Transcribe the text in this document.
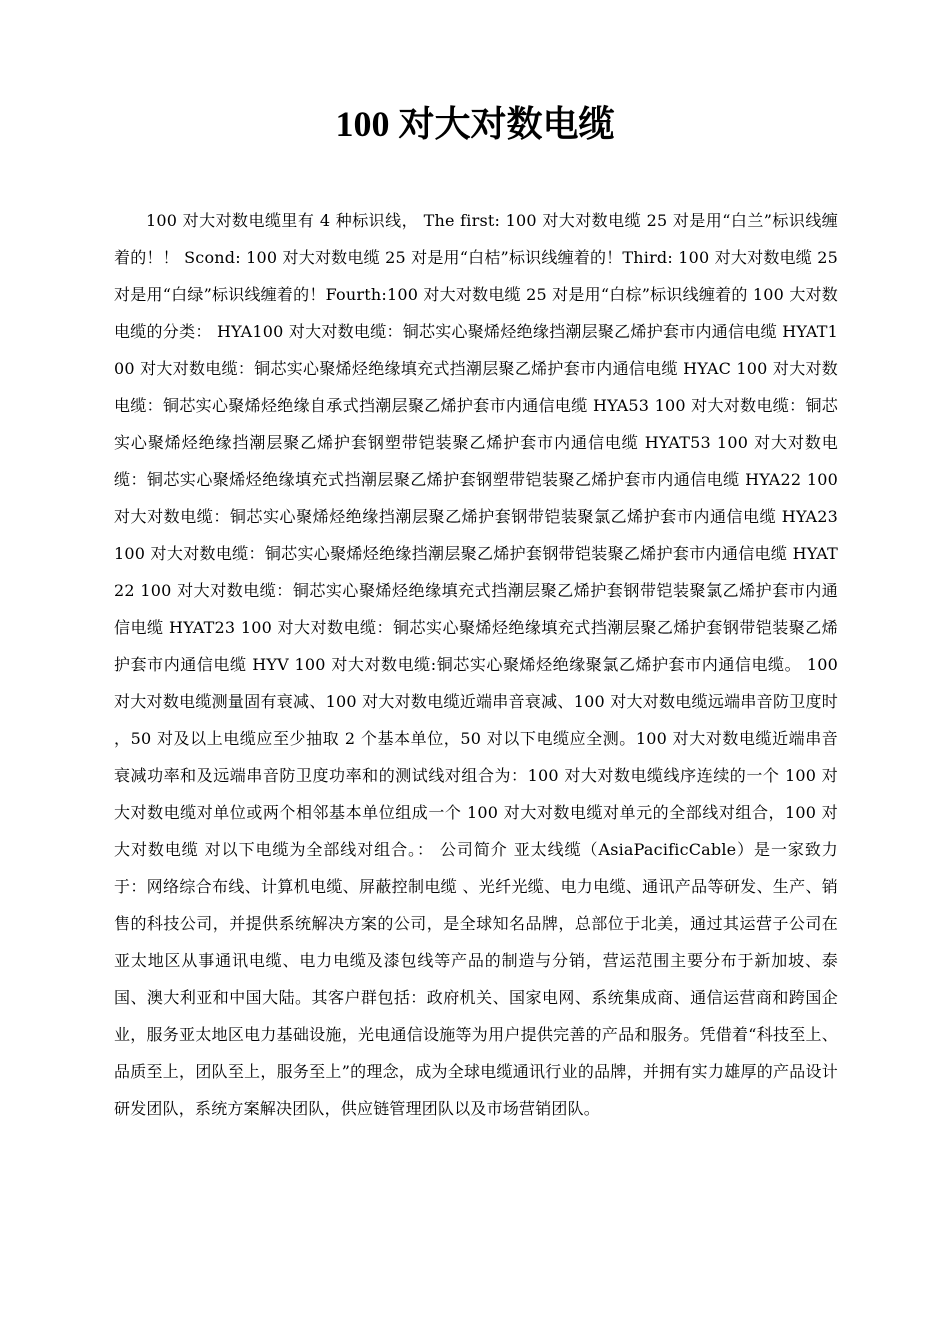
100 对大对数电缆

100 对大对数电缆里有 4 种标识线， The first: 100 对大对数电缆 25 对是用“白兰”标识线缠着的！！ Scond: 100 对大对数电缆 25 对是用“白桔”标识线缠着的！Third: 100 对大对数电缆 25 对是用“白绿”标识线缠着的！Fourth:100 对大对数电缆 25 对是用“白棕”标识线缠着的 100 大对数电缆的分类： HYA100 对大对数电缆：铜芯实心聚烯烃绝缘挡潮层聚乙烯护套市内通信电缆 HYAT100 对大对数电缆：铜芯实心聚烯烃绝缘填充式挡潮层聚乙烯护套市内通信电缆 HYAC 100 对大对数电缆：铜芯实心聚烯烃绝缘自承式挡潮层聚乙烯护套市内通信电缆 HYA53 100 对大对数电缆：铜芯实心聚烯烃绝缘挡潮层聚乙烯护套钢塑带铠装聚乙烯护套市内通信电缆 HYAT53 100 对大对数电缆：铜芯实心聚烯烃绝缘填充式挡潮层聚乙烯护套钢塑带铠装聚乙烯护套市内通信电缆 HYA22 100 对大对数电缆：铜芯实心聚烯烃绝缘挡潮层聚乙烯护套钢带铠装聚氯乙烯护套市内通信电缆 HYA23 100 对大对数电缆：铜芯实心聚烯烃绝缘挡潮层聚乙烯护套钢带铠装聚乙烯护套市内通信电缆 HYAT22 100 对大对数电缆：铜芯实心聚烯烃绝缘填充式挡潮层聚乙烯护套钢带铠装聚氯乙烯护套市内通信电缆 HYAT23 100 对大对数电缆：铜芯实心聚烯烃绝缘填充式挡潮层聚乙烯护套钢带铠装聚乙烯护套市内通信电缆 HYV 100 对大对数电缆:铜芯实心聚烯烃绝缘聚氯乙烯护套市内通信电缆。 100 对大对数电缆测量固有衰减、100 对大对数电缆近端串音衰减、100 对大对数电缆远端串音防卫度时 ，50 对及以上电缆应至少抽取 2 个基本单位，50 对以下电缆应全测。100 对大对数电缆近端串音衰减功率和及远端串音防卫度功率和的测试线对组合为：100 对大对数电缆线序连续的一个 100 对大对数电缆对单位或两个相邻基本单位组成一个 100 对大对数电缆对单元的全部线对组合，100 对大对数电缆 对以下电缆为全部线对组合。： 公司简介 亚太线缆（AsiaPacificCable）是一家致力于：网络综合布线、计算机电缆、屏蔽控制电缆 、光纤光缆、电力电缆、通讯产品等研发、生产、销售的科技公司，并提供系统解决方案的公司，是全球知名品牌，总部位于北美，通过其运营子公司在亚太地区从事通讯电缆、电力电缆及漆包线等产品的制造与分销，营运范围主要分布于新加坡、泰国、澳大利亚和中国大陆。其客户群包括：政府机关、国家电网、系统集成商、通信运营商和跨国企业，服务亚太地区电力基础设施，光电通信设施等为用户提供完善的产品和服务。凭借着“科技至上、品质至上，团队至上，服务至上”的理念，成为全球电缆通讯行业的品牌，并拥有实力雄厚的产品设计研发团队，系统方案解决团队，供应链管理团队以及市场营销团队。
